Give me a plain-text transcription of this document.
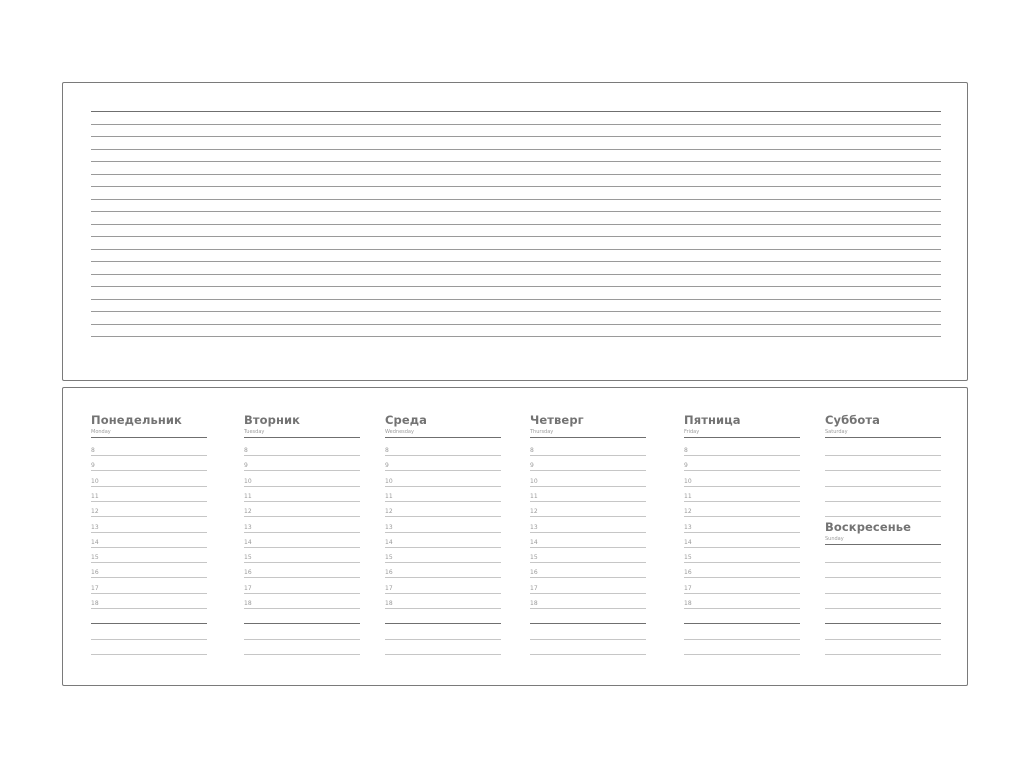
Понедельник
Monday
8
9
10
11
12
13
14
15
16
17
18
Вторник
Tuesday
8
9
10
11
12
13
14
15
16
17
18
Среда
Wednesday
8
9
10
11
12
13
14
15
16
17
18
Четверг
Thursday
8
9
10
11
12
13
14
15
16
17
18
Пятница
Friday
8
9
10
11
12
13
14
15
16
17
18
Суббота
Saturday
Воскресенье
Sunday
